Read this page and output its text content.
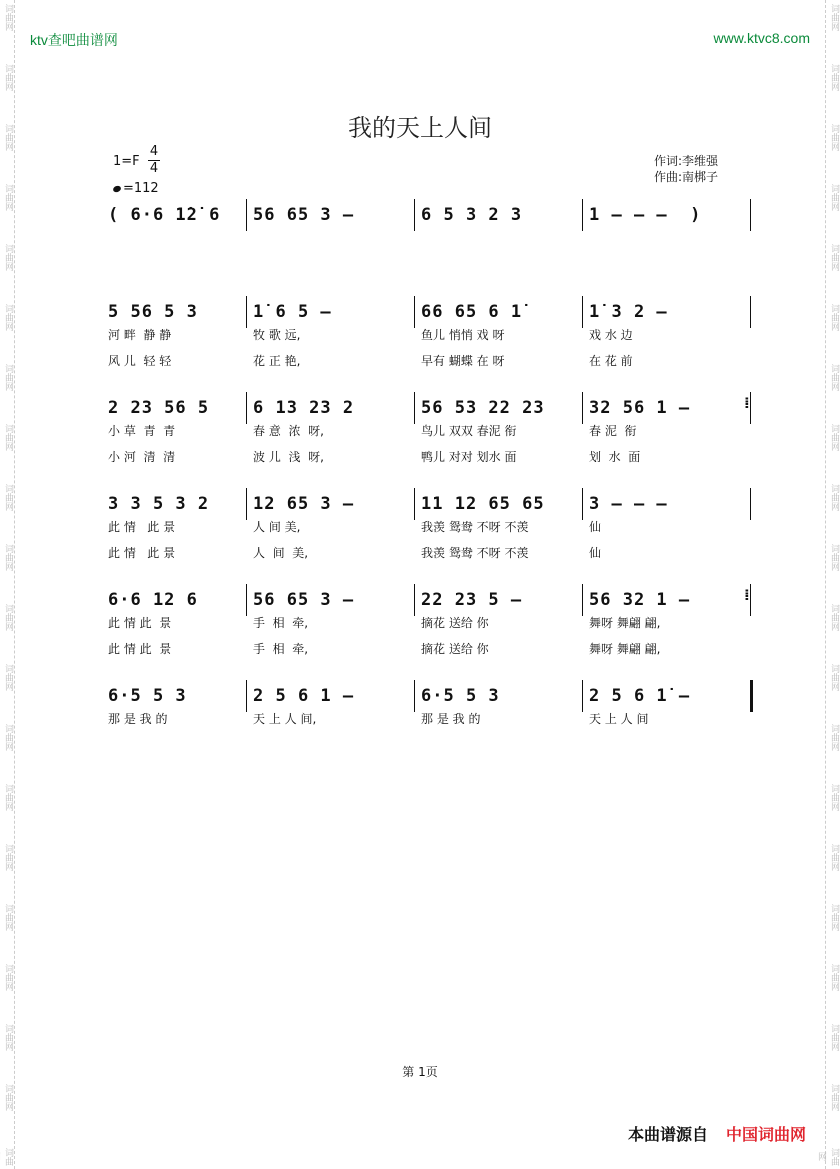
词曲网
词曲网
词曲网
词曲网
词曲网
词曲网
词曲网
词曲网
词曲网
词曲网
词曲网
词曲网
词曲网
词曲网
词曲网
词曲网
词曲网
词曲网
词曲网
词曲
词曲网
词曲网
词曲网
词曲网
词曲网
词曲网
词曲网
词曲网
词曲网
词曲网
词曲网
词曲网
词曲网
词曲网
词曲网
词曲网
词曲网
词曲网
词曲网
词曲网
ktv查吧曲谱网	www.ktvc8.com
我的天上人间
$1=F \frac{4}{4}$
=112
作词:李维强
作曲:南梆子
( 6·6 1̇2̇ 6 56 65 3 –	6 5 3 2 3	1 – – –  )
5 56 5 3
河 畔  静 静
风 儿  轻 轻
1̇ 6 5 –
牧 歌 远,
花 正 艳,
66 65 6 1̇
鱼儿 悄悄 戏 呀
早有 蝴蝶 在 呀
1̇ 3 2 –
戏 水 边
在 花 前
2 23 56 5
小 草  青  青
小 河  清  清
6 13 23 2
春 意  浓  呀,
波 儿  浅  呀,
56 53 22 23
鸟儿 双双 春泥 衔
鸭儿 对对 划水 面
32 56 1 –
春 泥  衔
划  水  面
⁞
3 3 5 3 2
此 情   此 景
此 情   此 景
12 65 3 –
人 间 美,
人  间  美,
11 12 65 65
我羡 鸳鸯 不呀 不羡
我羡 鸳鸯 不呀 不羡
3 – – –
仙
仙
6·6 12 6
此 情 此  景
此 情 此  景
56 65 3 –
手  相  牵,
手  相  牵,
22 23 5 –
摘花 送给 你
摘花 送给 你
56 32 1 –
舞呀 舞翩 翩,
舞呀 舞翩 翩,
⁞
6·5 5 3
那 是 我 的
2 5 6 1 –
天 上 人 间,
6·5 5 3
那 是 我 的
2 5 6 1̇ –
天 上 人 间
第 1页
本曲谱源自 中国词曲网
